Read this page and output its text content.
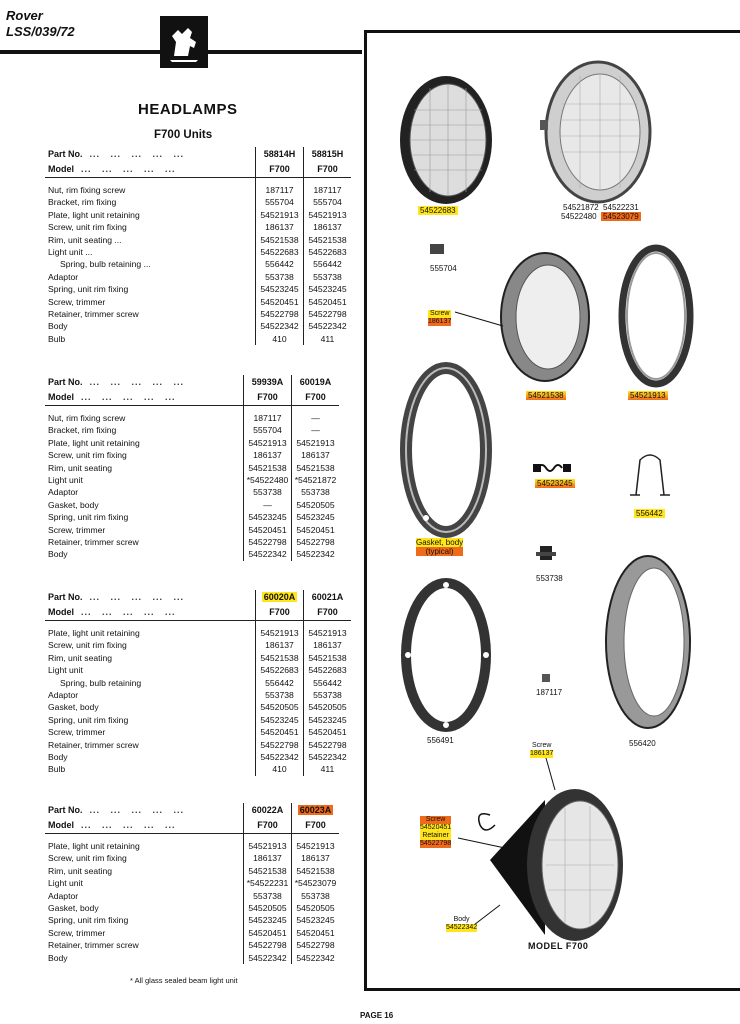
Rover
LSS/039/72
HEADLAMPS
F700 Units
Part No.  ...   ...   ...   ...   ...	58814H	58815H
Model  ...   ...   ...   ...   ...	F700	F700

Nut, rim fixing screw	187117	187117
Bracket, rim fixing	555704	555704
Plate, light unit retaining	54521913	54521913
Screw, unit rim fixing	186137	186137
Rim, unit seating ...	54521538	54521538
Light unit ...	54522683	54522683
Spring, bulb retaining ...	556442	556442
Adaptor	553738	553738
Spring, unit rim fixing	54523245	54523245
Screw, trimmer	54520451	54520451
Retainer, trimmer screw	54522798	54522798
Body	54522342	54522342
Bulb	410	411
Part No.  ...   ...   ...   ...   ...	59939A	60019A
Model  ...   ...   ...   ...   ...	F700	F700

Nut, rim fixing screw	187117	—
Bracket, rim fixing	555704	—
Plate, light unit retaining	54521913	54521913
Screw, unit rim fixing	186137	186137
Rim, unit seating	54521538	54521538
Light unit	*54522480	*54521872
Adaptor	553738	553738
Gasket, body	—	54520505
Spring, unit rim fixing	54523245	54523245
Screw, trimmer	54520451	54520451
Retainer, trimmer screw	54522798	54522798
Body	54522342	54522342
Part No.  ...   ...   ...   ...   ...	60020A	60021A
Model  ...   ...   ...   ...   ...	F700	F700

Plate, light unit retaining	54521913	54521913
Screw, unit rim fixing	186137	186137
Rim, unit seating	54521538	54521538
Light unit	54522683	54522683
Spring, bulb retaining	556442	556442
Adaptor	553738	553738
Gasket, body	54520505	54520505
Spring, unit rim fixing	54523245	54523245
Screw, trimmer	54520451	54520451
Retainer, trimmer screw	54522798	54522798
Body	54522342	54522342
Bulb	410	411
Part No.  ...   ...   ...   ...   ...	60022A	60023A
Model  ...   ...   ...   ...   ...	F700	F700

Plate, light unit retaining	54521913	54521913
Screw, unit rim fixing	186137	186137
Rim, unit seating	54521538	54521538
Light unit	*54522231	*54523079
Adaptor	553738	553738
Gasket, body	54520505	54520505
Spring, unit rim fixing	54523245	54523245
Screw, trimmer	54520451	54520451
Retainer, trimmer screw	54522798	54522798
Body	54522342	54522342
* All glass sealed beam light unit
PAGE 16
54522683	54521872 54522231
54522480 54523079
555704
Screw
186137
54521538	54521913
54523245
556442
Gasket, body
(typical)
553738
187117
556491	556420
Screw
186137
Screw
54520451
Retainer
54522798
Body
54522342
MODEL F700
